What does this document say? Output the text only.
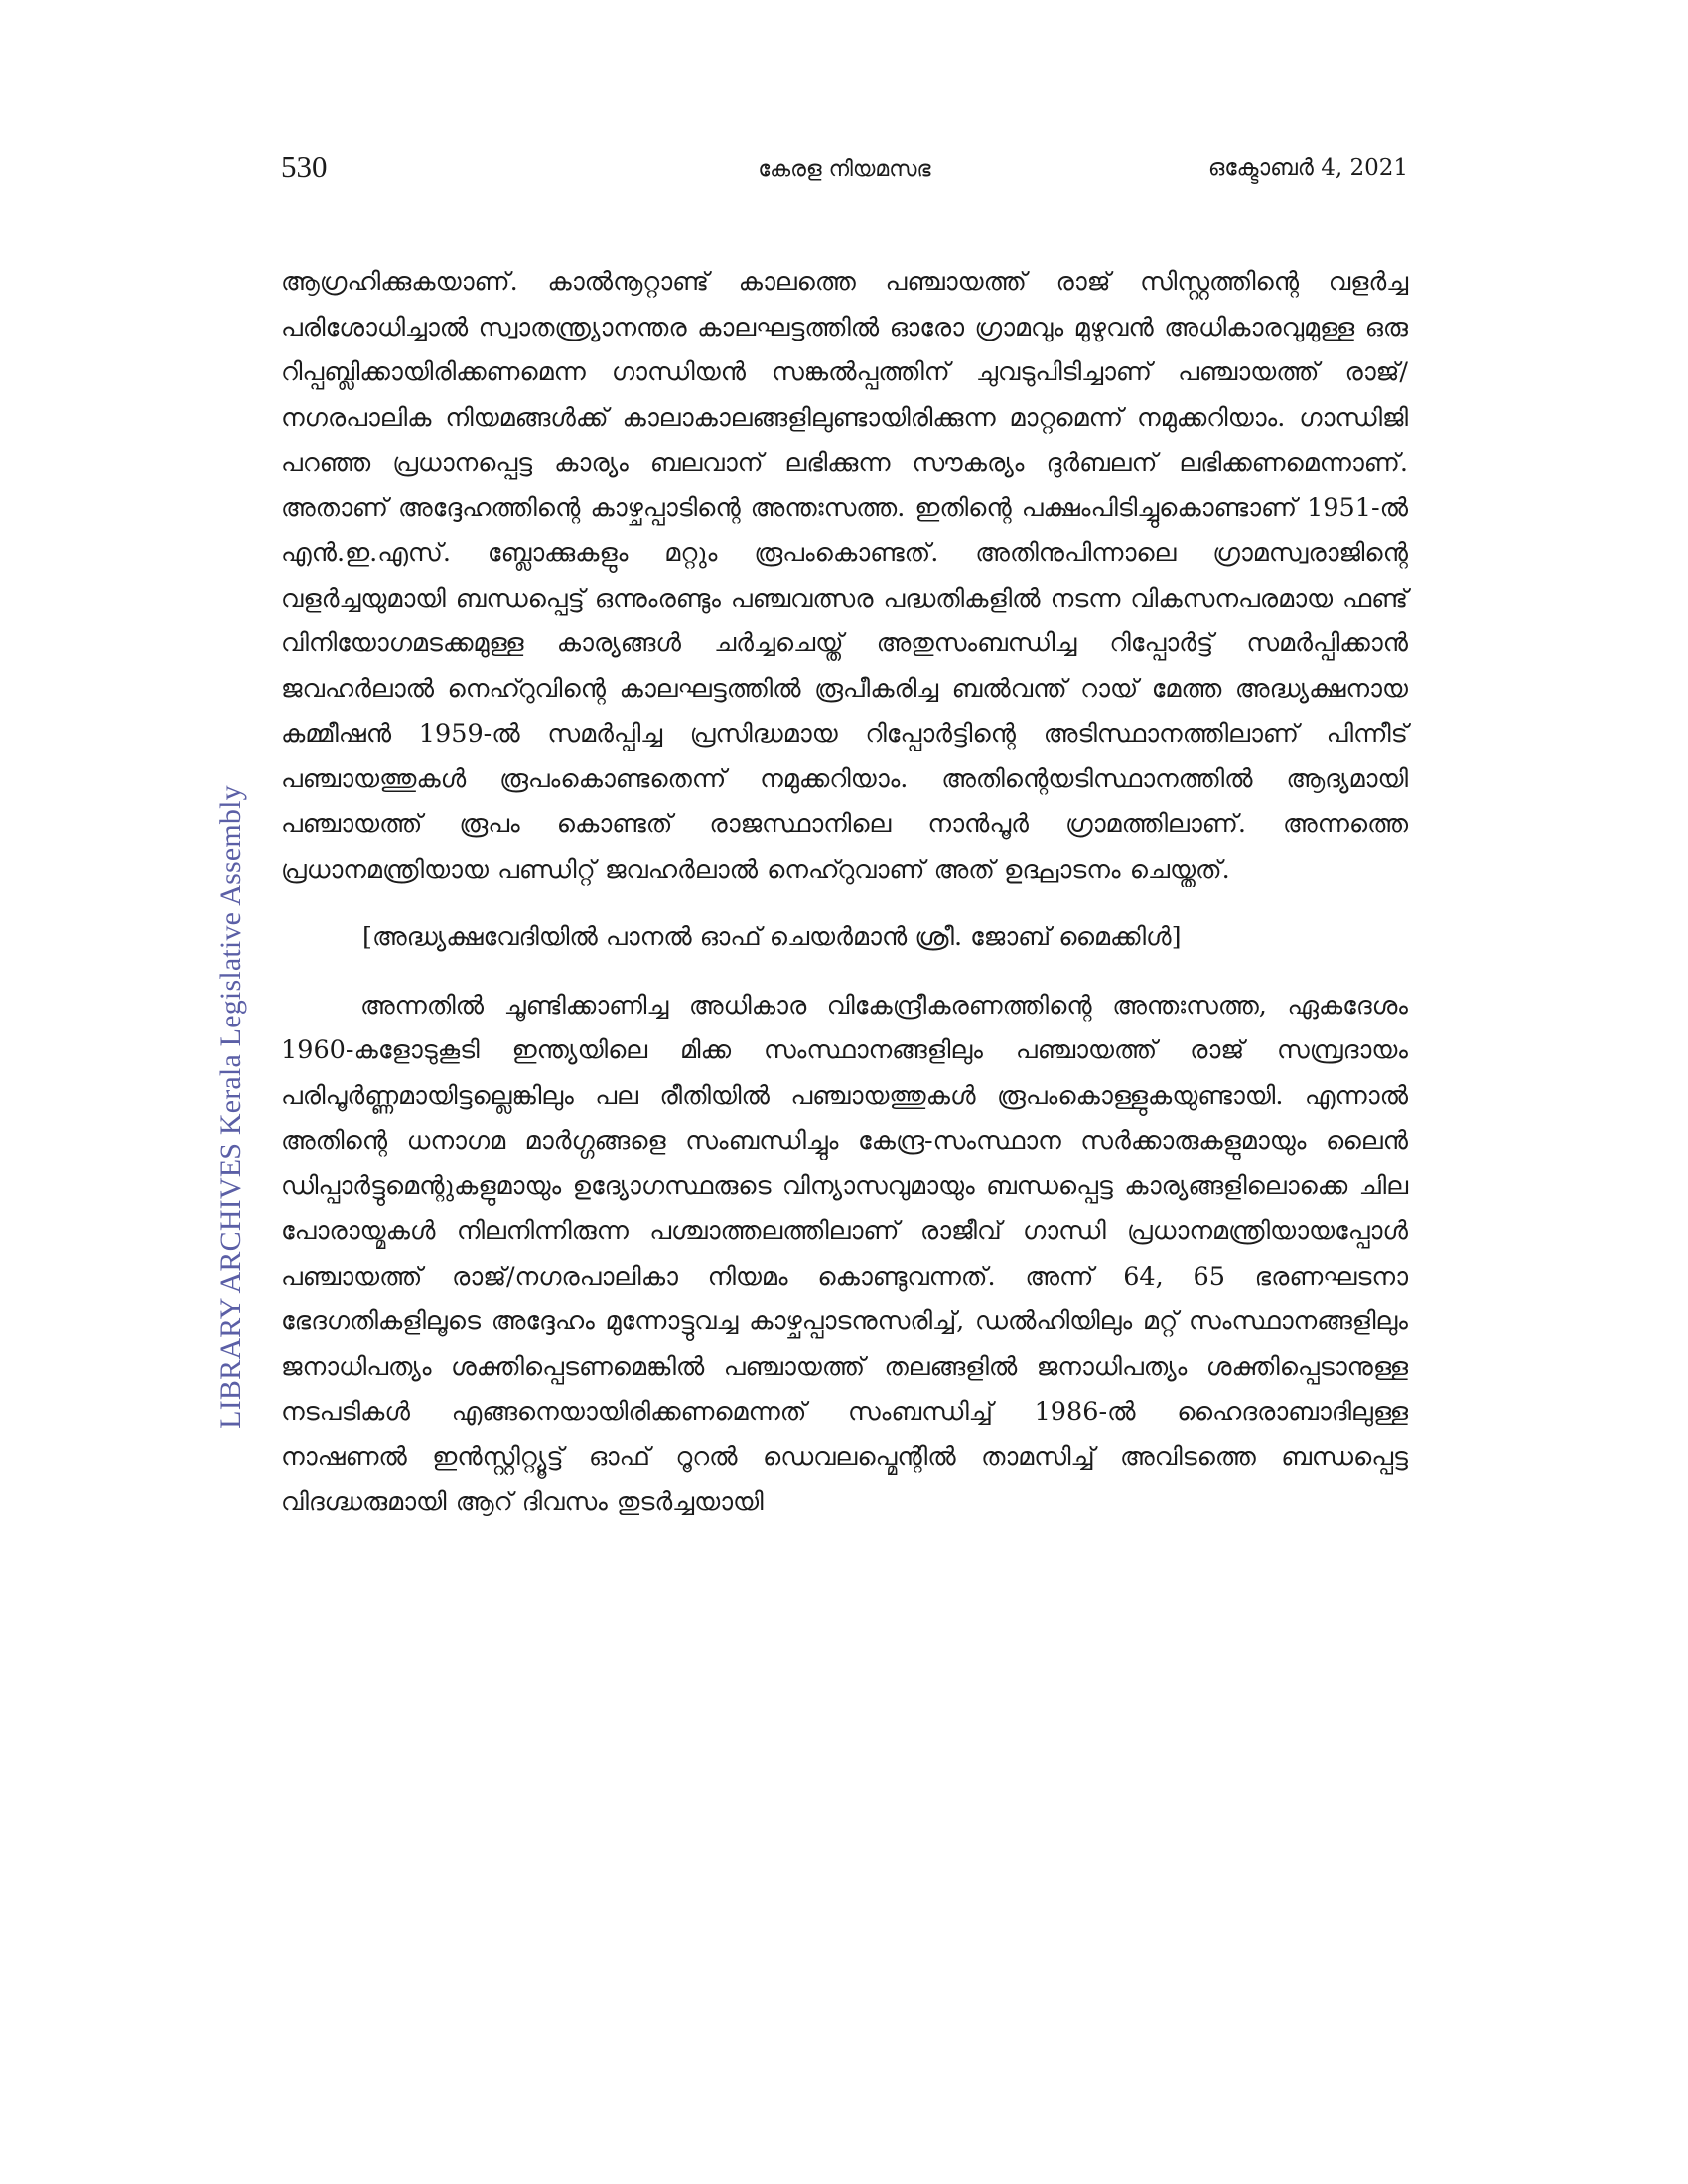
530	കേരള നിയമസഭ	ഒക്ടോബർ 4, 2021
LIBRARY ARCHIVES Kerala Legislative Assembly

ആഗ്രഹിക്കുകയാണ്. കാൽനൂറ്റാണ്ട് കാലത്തെ പഞ്ചായത്ത് രാജ് സിസ്റ്റത്തിന്റെ വളർച്ച പരിശോധിച്ചാൽ സ്വാതന്ത്ര്യാനന്തര കാലഘട്ടത്തിൽ ഓരോ ഗ്രാമവും മുഴുവൻ അധികാരവുമുള്ള ഒരു റിപ്പബ്ലിക്കായിരിക്കണമെന്ന ഗാന്ധിയൻ സങ്കൽപ്പത്തിന് ചുവടുപിടിച്ചാണ് പഞ്ചായത്ത് രാജ്/നഗരപാലിക നിയമങ്ങൾക്ക് കാലാകാലങ്ങളിലുണ്ടായിരിക്കുന്ന മാറ്റമെന്ന് നമുക്കറിയാം. ഗാന്ധിജി പറഞ്ഞ പ്രധാനപ്പെട്ട കാര്യം ബലവാന് ലഭിക്കുന്ന സൗകര്യം ദുർബലന് ലഭിക്കണമെന്നാണ്. അതാണ് അദ്ദേഹത്തിന്റെ കാഴ്ചപ്പാടിന്റെ അന്തഃസത്ത. ഇതിന്റെ പക്ഷംപിടിച്ചുകൊണ്ടാണ് 1951-ൽ എൻ.ഇ.എസ്. ബ്ലോക്കുകളും മറ്റും രൂപംകൊണ്ടത്. അതിനുപിന്നാലെ ഗ്രാമസ്വരാജിന്റെ വളർച്ചയുമായി ബന്ധപ്പെട്ട് ഒന്നുംരണ്ടും പഞ്ചവത്സര പദ്ധതികളിൽ നടന്ന വികസനപരമായ ഫണ്ട് വിനിയോഗമടക്കമുള്ള കാര്യങ്ങൾ ചർച്ചചെയ്ത് അതുസംബന്ധിച്ച റിപ്പോർട്ട് സമർപ്പിക്കാൻ ജവഹർലാൽ നെഹ്റുവിന്റെ കാലഘട്ടത്തിൽ രൂപീകരിച്ച ബൽവന്ത് റായ് മേത്ത അദ്ധ്യക്ഷനായ കമ്മീഷൻ 1959-ൽ സമർപ്പിച്ച പ്രസിദ്ധമായ റിപ്പോർട്ടിന്റെ അടിസ്ഥാനത്തിലാണ് പിന്നീട് പഞ്ചായത്തുകൾ രൂപംകൊണ്ടതെന്ന് നമുക്കറിയാം. അതിന്റെയടിസ്ഥാനത്തിൽ ആദ്യമായി പഞ്ചായത്ത് രൂപം കൊണ്ടത് രാജസ്ഥാനിലെ നാൻപൂർ ഗ്രാമത്തിലാണ്. അന്നത്തെ പ്രധാനമന്ത്രിയായ പണ്ഡിറ്റ് ജവഹർലാൽ നെഹ്റുവാണ് അത് ഉദ്ഘാടനം ചെയ്തത്.

[അദ്ധ്യക്ഷവേദിയിൽ പാനൽ ഓഫ് ചെയർമാൻ ശ്രീ. ജോബ് മൈക്കിൾ]

അന്നതിൽ ചൂണ്ടിക്കാണിച്ച അധികാര വികേന്ദ്രീകരണത്തിന്റെ അന്തഃസത്ത, ഏകദേശം 1960-കളോടുകൂടി ഇന്ത്യയിലെ മിക്ക സംസ്ഥാനങ്ങളിലും പഞ്ചായത്ത് രാജ് സമ്പ്രദായം പരിപൂർണ്ണമായിട്ടല്ലെങ്കിലും പല രീതിയിൽ പഞ്ചായത്തുകൾ രൂപംകൊള്ളുകയുണ്ടായി. എന്നാൽ അതിന്റെ ധനാഗമ മാർഗ്ഗങ്ങളെ സംബന്ധിച്ചും കേന്ദ്ര-സംസ്ഥാന സർക്കാരുകളുമായും ലൈൻ ഡിപ്പാർട്ടുമെന്റുകളുമായും ഉദ്യോഗസ്ഥരുടെ വിന്യാസവുമായും ബന്ധപ്പെട്ട കാര്യങ്ങളിലൊക്കെ ചില പോരായ്മകൾ നിലനിന്നിരുന്ന പശ്ചാത്തലത്തിലാണ് രാജീവ് ഗാന്ധി പ്രധാനമന്ത്രിയായപ്പോൾ പഞ്ചായത്ത് രാജ്/നഗരപാലികാ നിയമം കൊണ്ടുവന്നത്. അന്ന് 64, 65 ഭരണഘടനാ ഭേദഗതികളിലൂടെ അദ്ദേഹം മുന്നോട്ടുവച്ച കാഴ്ചപ്പാടനുസരിച്ച്, ഡൽഹിയിലും മറ്റ് സംസ്ഥാനങ്ങളിലും ജനാധിപത്യം ശക്തിപ്പെടണമെങ്കിൽ പഞ്ചായത്ത് തലങ്ങളിൽ ജനാധിപത്യം ശക്തിപ്പെടാനുള്ള നടപടികൾ എങ്ങനെയായിരിക്കണമെന്നത് സംബന്ധിച്ച് 1986-ൽ ഹൈദരാബാദിലുള്ള നാഷണൽ ഇൻസ്റ്റിറ്റ്യൂട്ട് ഓഫ് റൂറൽ ഡെവലപ്മെന്റിൽ താമസിച്ച് അവിടത്തെ ബന്ധപ്പെട്ട വിദഗ്ദ്ധരുമായി ആറ് ദിവസം തുടർച്ചയായി
